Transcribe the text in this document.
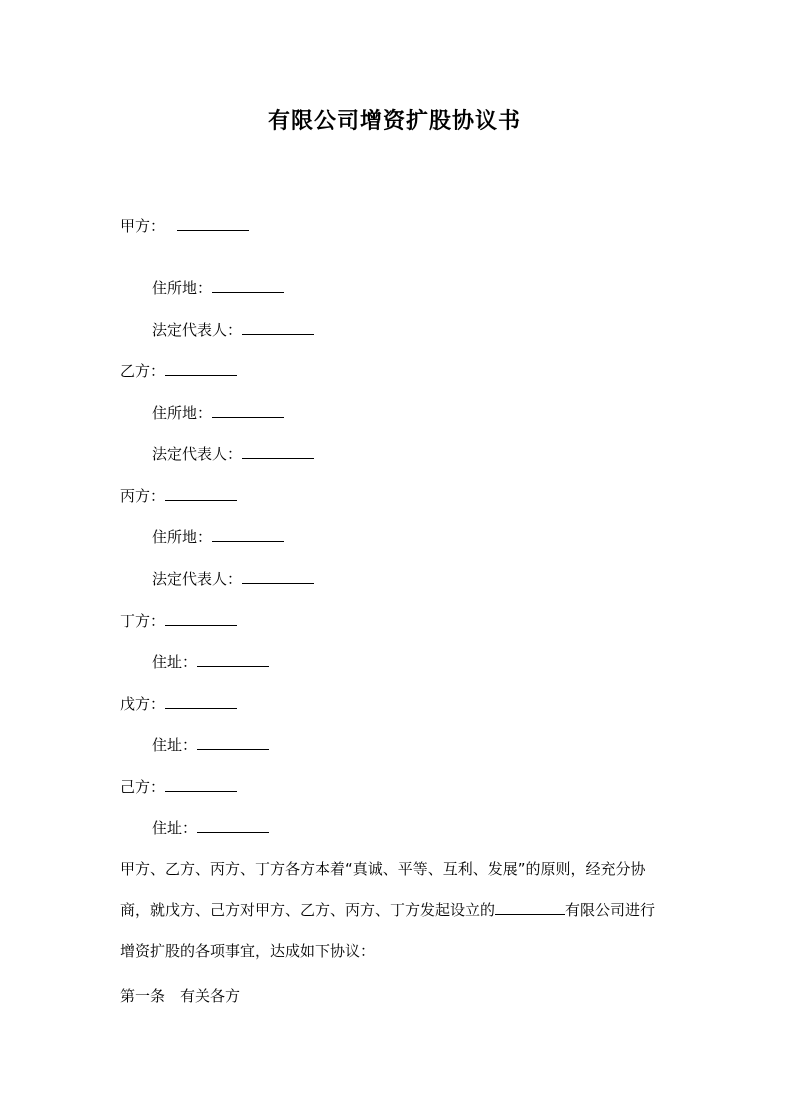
有限公司增资扩股协议书
甲方：
住所地：
法定代表人：
乙方：
住所地：
法定代表人：
丙方：
住所地：
法定代表人：
丁方：
住址：
戊方：
住址：
己方：
住址：
甲方、乙方、丙方、丁方各方本着“真诚、平等、互利、发展”的原则，经充分协商，就戊方、己方对甲方、乙方、丙方、丁方发起设立的	有限公司进行增资扩股的各项事宜，达成如下协议：
第一条　有关各方
